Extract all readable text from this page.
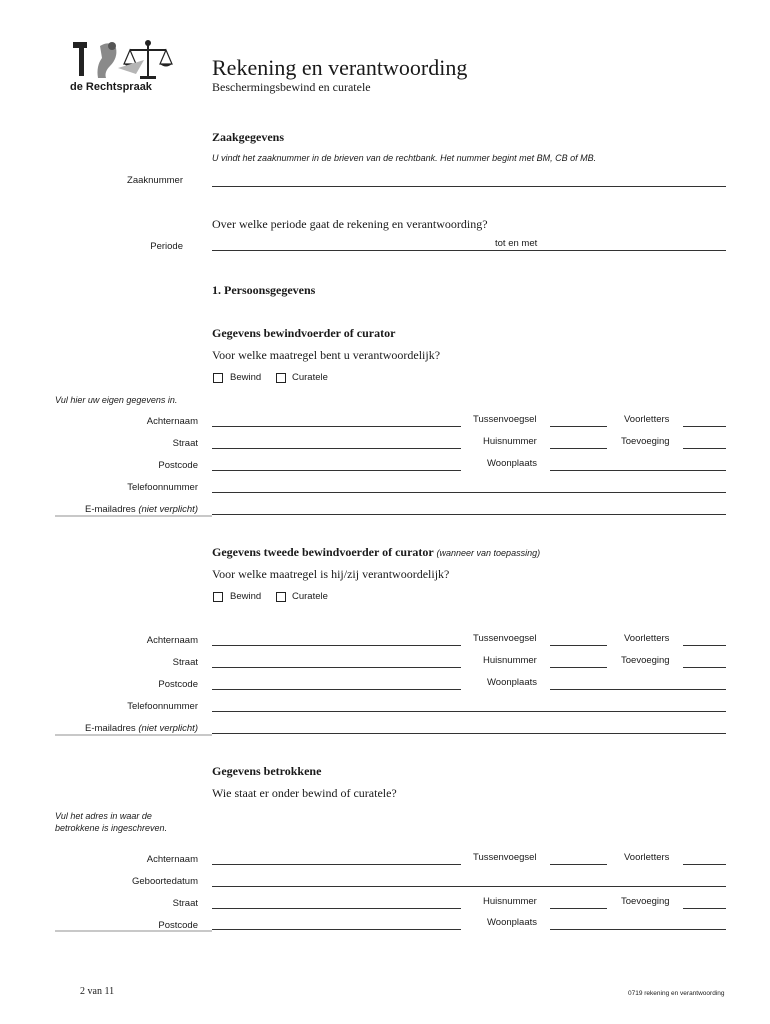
de Rechtspraak
Rekening en verantwoording
Beschermingsbewind en curatele
Zaakgegevens
U vindt het zaaknummer in de brieven van de rechtbank. Het nummer begint met BM, CB of MB.
Zaaknummer
Over welke periode gaat de rekening en verantwoording?
Periode	tot en met
1. Persoonsgegevens
Gegevens bewindvoerder of curator
Voor welke maatregel bent u verantwoordelijk?
Bewind	Curatele
Vul hier uw eigen gegevens in.
Achternaam	Tussenvoegsel	Voorletters
Straat	Huisnummer	Toevoeging
Postcode	Woonplaats
Telefoonnummer
E-mailadres (niet verplicht)
Gegevens tweede bewindvoerder of curator (wanneer van toepassing)
Voor welke maatregel is hij/zij verantwoordelijk?
Bewind	Curatele
Achternaam	Tussenvoegsel	Voorletters
Straat	Huisnummer	Toevoeging
Postcode	Woonplaats
Telefoonnummer
E-mailadres (niet verplicht)
Gegevens betrokkene
Wie staat er onder bewind of curatele?
Vul het adres in waar de
betrokkene is ingeschreven.
Achternaam	Tussenvoegsel	Voorletters
Geboortedatum
Straat	Huisnummer	Toevoeging
Postcode	Woonplaats
2 van 11	0719 rekening en verantwoording
